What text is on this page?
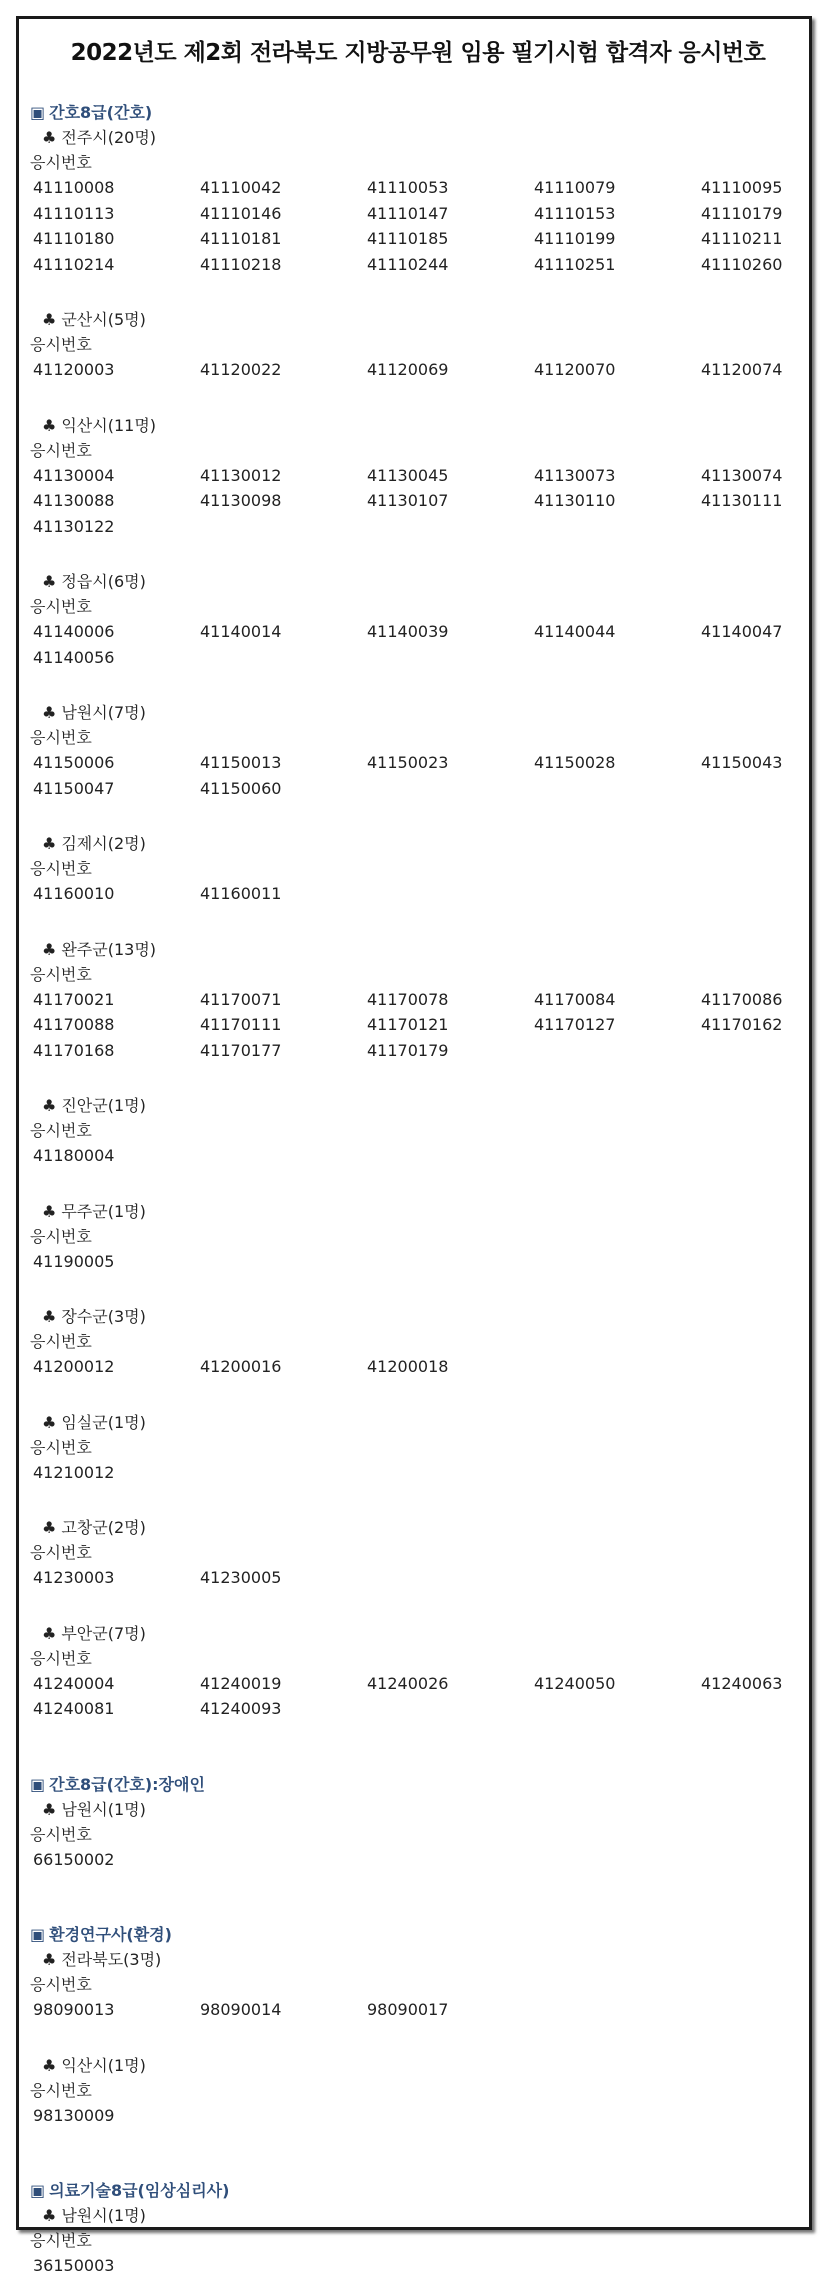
2022년도 제2회 전라북도 지방공무원 임용 필기시험 합격자 응시번호
▣ 간호8급(간호)
♣ 전주시(20명)
응시번호
41110008	41110042	41110053	41110079	41110095
41110113	41110146	41110147	41110153	41110179
41110180	41110181	41110185	41110199	41110211
41110214	41110218	41110244	41110251	41110260
♣ 군산시(5명)
응시번호
41120003	41120022	41120069	41120070	41120074
♣ 익산시(11명)
응시번호
41130004	41130012	41130045	41130073	41130074
41130088	41130098	41130107	41130110	41130111
41130122
♣ 정읍시(6명)
응시번호
41140006	41140014	41140039	41140044	41140047
41140056
♣ 남원시(7명)
응시번호
41150006	41150013	41150023	41150028	41150043
41150047	41150060
♣ 김제시(2명)
응시번호
41160010	41160011
♣ 완주군(13명)
응시번호
41170021	41170071	41170078	41170084	41170086
41170088	41170111	41170121	41170127	41170162
41170168	41170177	41170179
♣ 진안군(1명)
응시번호
41180004
♣ 무주군(1명)
응시번호
41190005
♣ 장수군(3명)
응시번호
41200012	41200016	41200018
♣ 임실군(1명)
응시번호
41210012
♣ 고창군(2명)
응시번호
41230003	41230005
♣ 부안군(7명)
응시번호
41240004	41240019	41240026	41240050	41240063
41240081	41240093
▣ 간호8급(간호):장애인
♣ 남원시(1명)
응시번호
66150002
▣ 환경연구사(환경)
♣ 전라북도(3명)
응시번호
98090013	98090014	98090017
♣ 익산시(1명)
응시번호
98130009
▣ 의료기술8급(임상심리사)
♣ 남원시(1명)
응시번호
36150003
